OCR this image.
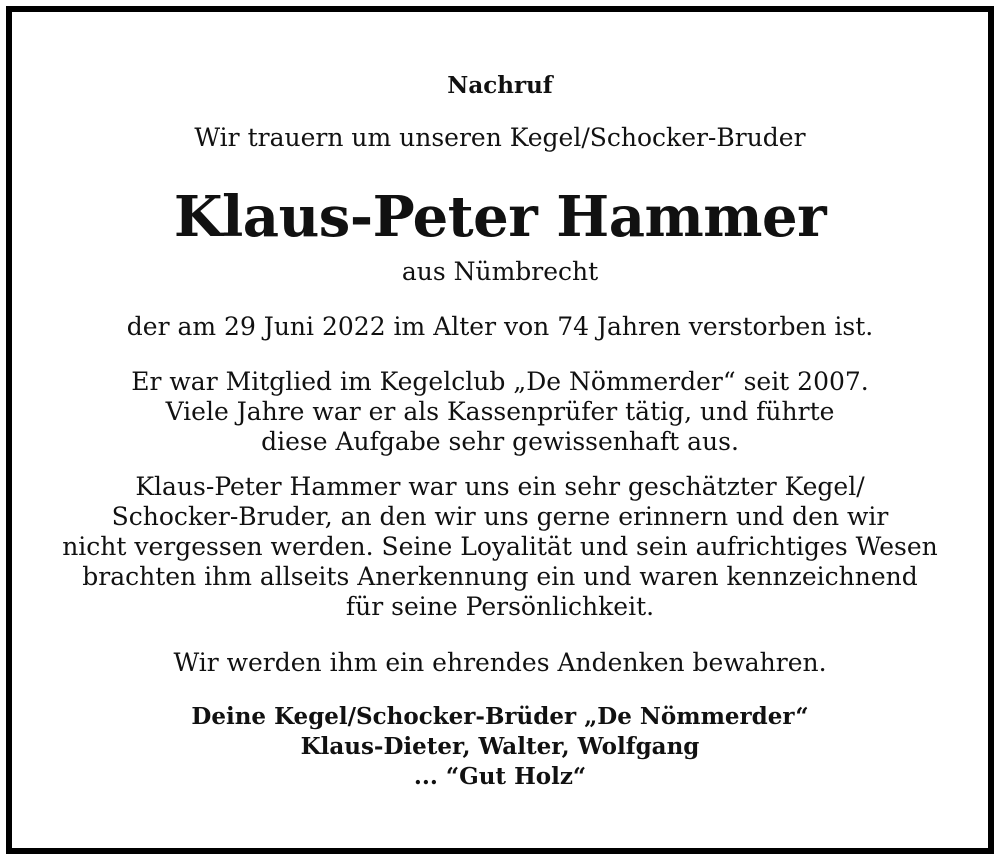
Nachruf
Wir trauern um unseren Kegel/Schocker-Bruder
Klaus-Peter Hammer
aus Nümbrecht
der am 29 Juni 2022 im Alter von 74 Jahren verstorben ist.
Er war Mitglied im Kegelclub „De Nömmerder“ seit 2007.
Viele Jahre war er als Kassenprüfer tätig, und führte
diese Aufgabe sehr gewissenhaft aus.
Klaus-Peter Hammer war uns ein sehr geschätzter Kegel/
Schocker-Bruder, an den wir uns gerne erinnern und den wir
nicht vergessen werden. Seine Loyalität und sein aufrichtiges Wesen
brachten ihm allseits Anerkennung ein und waren kennzeichnend
für seine Persönlichkeit.
Wir werden ihm ein ehrendes Andenken bewahren.
Deine Kegel/Schocker-Brüder „De Nömmerder“
Klaus-Dieter, Walter, Wolfgang
... “Gut Holz“
